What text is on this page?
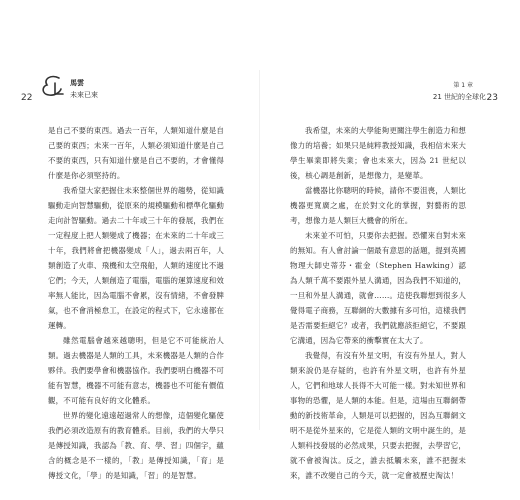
22
馬雲
未來已來

是自己不要的東西。過去一百年，人類知道什麼是自己要的東西；未來一百年，人類必須知道什麼是自己不要的東西，只有知道什麼是自己不要的，才會懂得什麼是你必須堅持的。

我希望大家把握住未來整個世界的趨勢，從知識驅動走向智慧驅動，從原來的規模驅動和標準化驅動走向計智驅動。過去二十年或三十年的發展，我們在一定程度上把人類變成了機器；在未來的二十年或三十年，我們將會把機器變成「人」，過去兩百年，人類創造了火車、飛機和太空飛船，人類的速度比不過它們；今天，人類創造了電腦，電腦的運算速度和效率無人能比，因為電腦不會累，沒有情緒，不會發脾氣，也不會消極怠工，在設定的程式下，它永遠都在運轉。

雖然電腦會越來越聰明，但是它不可能統治人類。過去機器是人類的工具，未來機器是人類的合作夥伴。我們要學會和機器協作。我們要明白機器不可能有智慧，機器不可能有意志，機器也不可能有價值觀，不可能有良好的文化體系。

世界的變化遠遠超過常人的想像，這個變化驅使我們必須改造原有的教育體系。目前，我們的大學只是傳授知識，我認為「教、育、學、習」四個字，蘊含的概念是不一樣的，「教」是傳授知識，「育」是傳授文化，「學」的是知識，「習」的是智慧。

第 1 章
21 世紀的全球化 23

我希望，未來的大學能夠更關注學生創造力和想像力的培養；如果只是純粹教授知識，我相信未來大學生畢業即將失業；會也未來大，因為 21 世紀以後，核心調是創新，是想像力，是變革。

當機器比你聰明的時候，請你不要沮喪，人類比機器更寬廣之處，在於對文化的掌握，對藝術的思考，想像力是人類巨大機會的所在。

未來並不可怕，只要你去把握。恐懼來自對未來的無知。有人會討論一個最有意思的話題，提到英國物理大師史蒂芬・霍金（Stephen Hawking）認為人類千萬不要跟外星人溝通，因為我們不知道的，一旦和外星人溝通，就會……。這使我聯想到很多人覺得電子商務，互聯網的大數據有多可怕，這樣我們是否需要拒絕它？或者，我們就應該拒絕它，不要跟它溝通，因為它帶來的衝擊實在太大了。

我覺得，有沒有外星文明，有沒有外星人，對人類來說仍是存疑的，也許有外星文明，也許有外星人，它們和地球人長得不大可能一樣。對未知世界和事物的恐懼，是人類的本能。但是，這場由互聯網帶動的新技術革命，人類是可以把握的，因為互聯網文明不是從外星來的，它是從人類的文明中誕生的，是人類科技發展的必然成果，只要去把握，去學習它，就不會被淘汰。反之，誰去抵觸未來，誰不把握未來，誰不改變自己的今天，就一定會被歷史淘汰！
